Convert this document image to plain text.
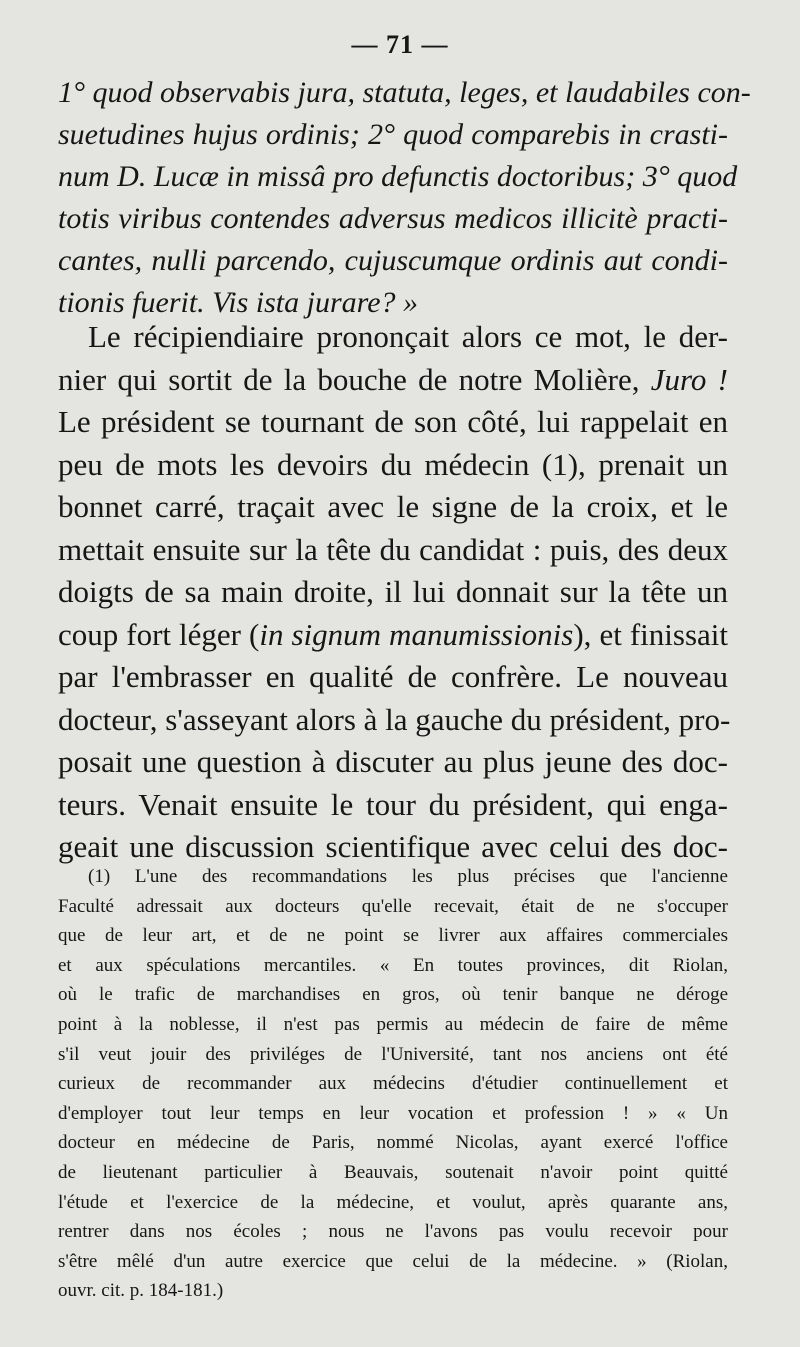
— 71 —
1° quod observabis jura, statuta, leges, et laudabiles con-
suetudines hujus ordinis; 2° quod comparebis in crasti-
num D. Lucæ in missâ pro defunctis doctoribus; 3° quod
totis viribus contendes adversus medicos illicitè practi-
cantes, nulli parcendo, cujuscumque ordinis aut condi-
tionis fuerit. Vis ista jurare? »
Le récipiendiaire prononçait alors ce mot, le der-
nier qui sortit de la bouche de notre Molière, Juro !
Le président se tournant de son côté, lui rappelait en
peu de mots les devoirs du médecin (1), prenait un
bonnet carré, traçait avec le signe de la croix, et le
mettait ensuite sur la tête du candidat : puis, des deux
doigts de sa main droite, il lui donnait sur la tête un
coup fort léger (in signum manumissionis), et finissait
par l'embrasser en qualité de confrère. Le nouveau
docteur, s'asseyant alors à la gauche du président, pro-
posait une question à discuter au plus jeune des doc-
teurs. Venait ensuite le tour du président, qui enga-
geait une discussion scientifique avec celui des doc-
(1) L'une des recommandations les plus précises que l'ancienne
Faculté adressait aux docteurs qu'elle recevait, était de ne s'occuper
que de leur art, et de ne point se livrer aux affaires commerciales
et aux spéculations mercantiles. « En toutes provinces, dit Riolan,
où le trafic de marchandises en gros, où tenir banque ne déroge
point à la noblesse, il n'est pas permis au médecin de faire de même
s'il veut jouir des priviléges de l'Université, tant nos anciens ont été
curieux de recommander aux médecins d'étudier continuellement et
d'employer tout leur temps en leur vocation et profession ! » « Un
docteur en médecine de Paris, nommé Nicolas, ayant exercé l'office
de lieutenant particulier à Beauvais, soutenait n'avoir point quitté
l'étude et l'exercice de la médecine, et voulut, après quarante ans,
rentrer dans nos écoles ; nous ne l'avons pas voulu recevoir pour
s'être mêlé d'un autre exercice que celui de la médecine. » (Riolan,
ouvr. cit. p. 184-181.)
